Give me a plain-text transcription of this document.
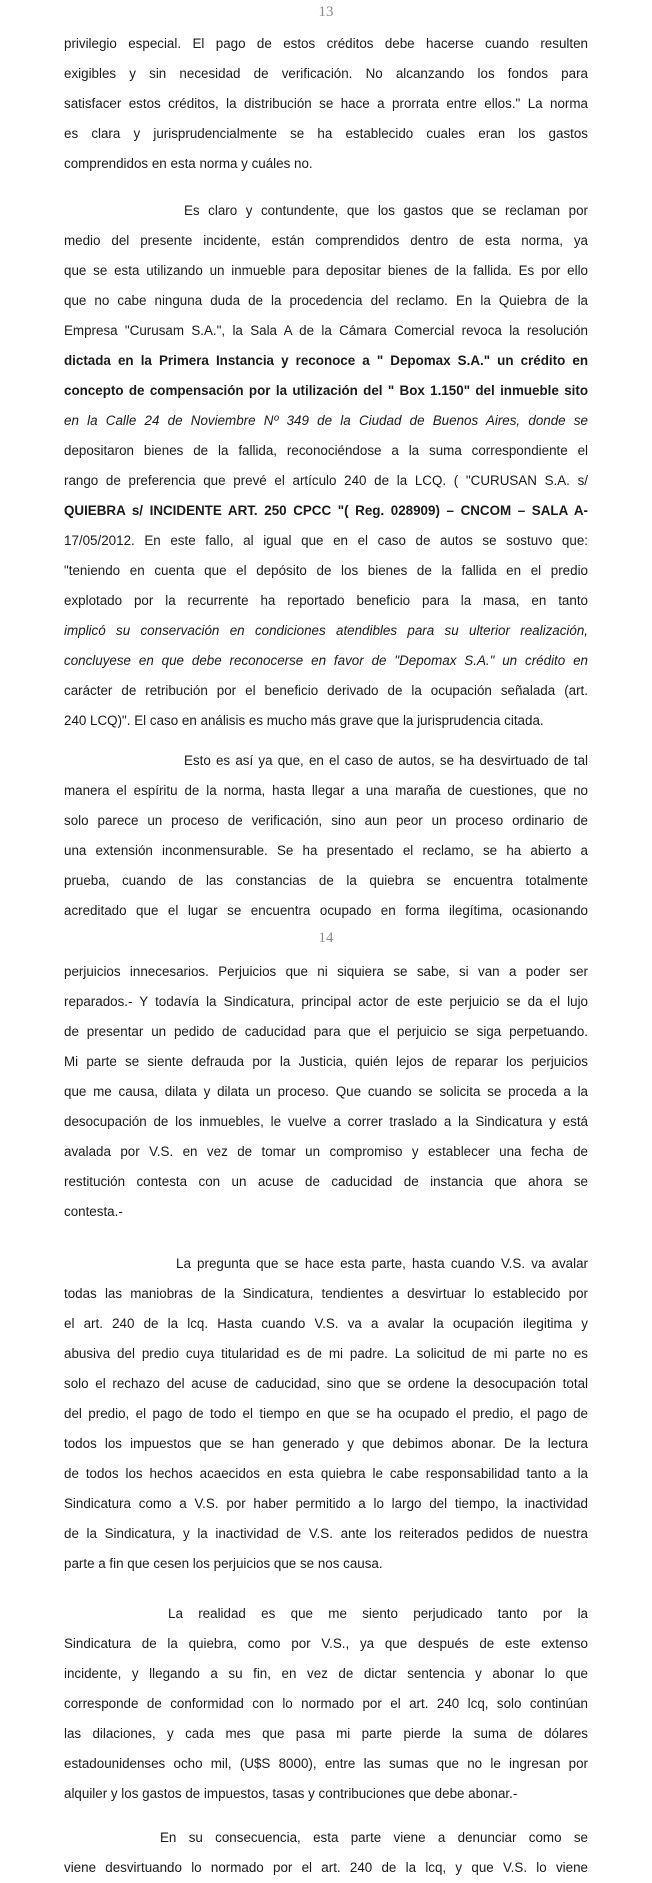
13
privilegio especial. El pago de estos créditos debe hacerse cuando resulten
exigibles y sin necesidad de verificación. No alcanzando los fondos para
satisfacer estos créditos, la distribución se hace a prorrata entre ellos." La norma
es clara y jurisprudencialmente se ha establecido cuales eran los gastos
comprendidos en esta norma y cuáles no.
Es claro y contundente, que los gastos que se reclaman por
medio del presente incidente, están comprendidos dentro de esta norma, ya
que se esta utilizando un inmueble para depositar bienes de la fallida. Es por ello
que no cabe ninguna duda de la procedencia del reclamo. En la Quiebra de la
Empresa "Curusam S.A.", la Sala A de la Cámara Comercial revoca la resolución
dictada en la Primera Instancia y reconoce a " Depomax S.A." un crédito en
concepto de compensación por la utilización del " Box 1.150" del inmueble sito
en la Calle 24 de Noviembre Nº 349 de la Ciudad de Buenos Aires, donde se
depositaron bienes de la fallida, reconociéndose a la suma correspondiente el
rango de preferencia que prevé el artículo 240 de la LCQ. ( "CURUSAN S.A. s/
QUIEBRA s/ INCIDENTE ART. 250 CPCC "( Reg. 028909) – CNCOM – SALA A-
17/05/2012. En este fallo, al igual que en el caso de autos se sostuvo que:
"teniendo en cuenta que el depósito de los bienes de la fallida en el predio
explotado por la recurrente ha reportado beneficio para la masa, en tanto
implicó su conservación en condiciones atendibles para su ulterior realización,
concluyese en que debe reconocerse en favor de "Depomax S.A." un crédito en
carácter de retribución por el beneficio derivado de la ocupación señalada (art.
240 LCQ)". El caso en análisis es mucho más grave que la jurisprudencia citada.
Esto es así ya que, en el caso de autos, se ha desvirtuado de tal
manera el espíritu de la norma, hasta llegar a una maraña de cuestiones, que no
solo parece un proceso de verificación, sino aun peor un proceso ordinario de
una extensión inconmensurable. Se ha presentado el reclamo, se ha abierto a
prueba, cuando de las constancias de la quiebra se encuentra totalmente
acreditado que el lugar se encuentra ocupado en forma ilegítima, ocasionando
14
perjuicios innecesarios. Perjuicios que ni siquiera se sabe, si van a poder ser
reparados.- Y todavía la Sindicatura, principal actor de este perjuicio se da el lujo
de presentar un pedido de caducidad para que el perjuicio se siga perpetuando.
Mi parte se siente defrauda por la Justicia, quién lejos de reparar los perjuicios
que me causa, dilata y dilata un proceso. Que cuando se solicita se proceda a la
desocupación de los inmuebles, le vuelve a correr traslado a la Sindicatura y está
avalada por V.S. en vez de tomar un compromiso y establecer una fecha de
restitución contesta con un acuse de caducidad de instancia que ahora se
contesta.-
La pregunta que se hace esta parte, hasta cuando V.S. va avalar
todas las maniobras de la Sindicatura, tendientes a desvirtuar lo establecido por
el art. 240 de la lcq. Hasta cuando V.S. va a avalar la ocupación ilegitima y
abusiva del predio cuya titularidad es de mi padre. La solicitud de mi parte no es
solo el rechazo del acuse de caducidad, sino que se ordene la desocupación total
del predio, el pago de todo el tiempo en que se ha ocupado el predio, el pago de
todos los impuestos que se han generado y que debimos abonar. De la lectura
de todos los hechos acaecidos en esta quiebra le cabe responsabilidad tanto a la
Sindicatura como a V.S. por haber permitido a lo largo del tiempo, la inactividad
de la Sindicatura, y la inactividad de V.S. ante los reiterados pedidos de nuestra
parte a fin que cesen los perjuicios que se nos causa.
La realidad es que me siento perjudicado tanto por la
Sindicatura de la quiebra, como por V.S., ya que después de este extenso
incidente, y llegando a su fin, en vez de dictar sentencia y abonar lo que
corresponde de conformidad con lo normado por el art. 240 lcq, solo continúan
las dilaciones, y cada mes que pasa mi parte pierde la suma de dólares
estadounidenses ocho mil, (U$S 8000), entre las sumas que no le ingresan por
alquiler y los gastos de impuestos, tasas y contribuciones que debe abonar.-
En su consecuencia, esta parte viene a denunciar como se
viene desvirtuando lo normado por el art. 240 de la lcq, y que V.S. lo viene
